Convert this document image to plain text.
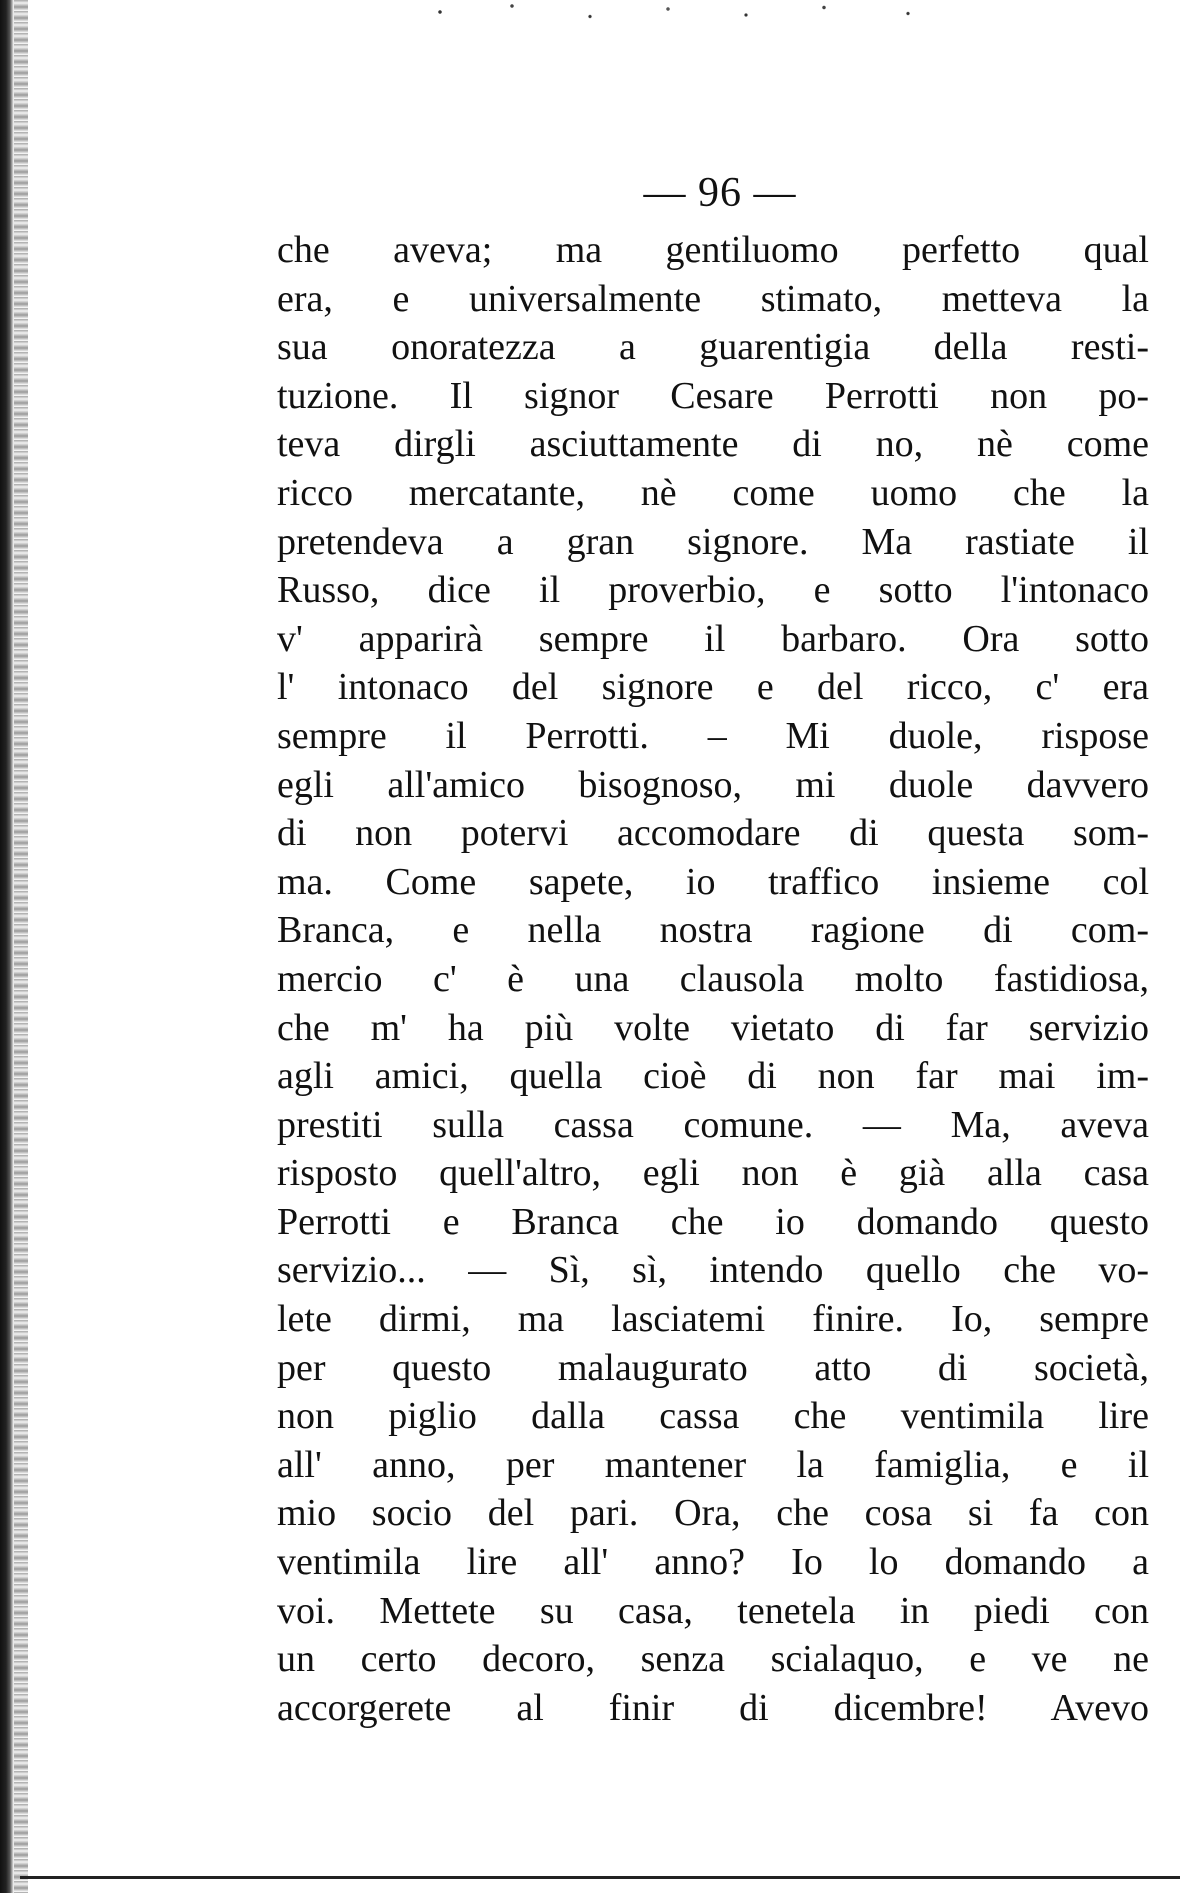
— 96 —
che aveva; ma gentiluomo perfetto qual
era, e universalmente stimato, metteva la
sua onoratezza a guarentigia della resti-
tuzione. Il signor Cesare Perrotti non po-
teva dirgli asciuttamente di no, nè come
ricco mercatante, nè come uomo che la
pretendeva a gran signore. Ma rastiate il
Russo, dice il proverbio, e sotto l'intonaco
v' apparirà sempre il barbaro. Ora sotto
l' intonaco del signore e del ricco, c' era
sempre il Perrotti. – Mi duole, rispose
egli all'amico bisognoso, mi duole davvero
di non potervi accomodare di questa som-
ma. Come sapete, io traffico insieme col
Branca, e nella nostra ragione di com-
mercio c' è una clausola molto fastidiosa,
che m' ha più volte vietato di far servizio
agli amici, quella cioè di non far mai im-
prestiti sulla cassa comune. — Ma, aveva
risposto quell'altro, egli non è già alla casa
Perrotti e Branca che io domando questo
servizio... — Sì, sì, intendo quello che vo-
lete dirmi, ma lasciatemi finire. Io, sempre
per questo malaugurato atto di società,
non piglio dalla cassa che ventimila lire
all' anno, per mantener la famiglia, e il
mio socio del pari. Ora, che cosa si fa con
ventimila lire all' anno? Io lo domando a
voi. Mettete su casa, tenetela in piedi con
un certo decoro, senza scialaquo, e ve ne
accorgerete al finir di dicembre! Avevo
